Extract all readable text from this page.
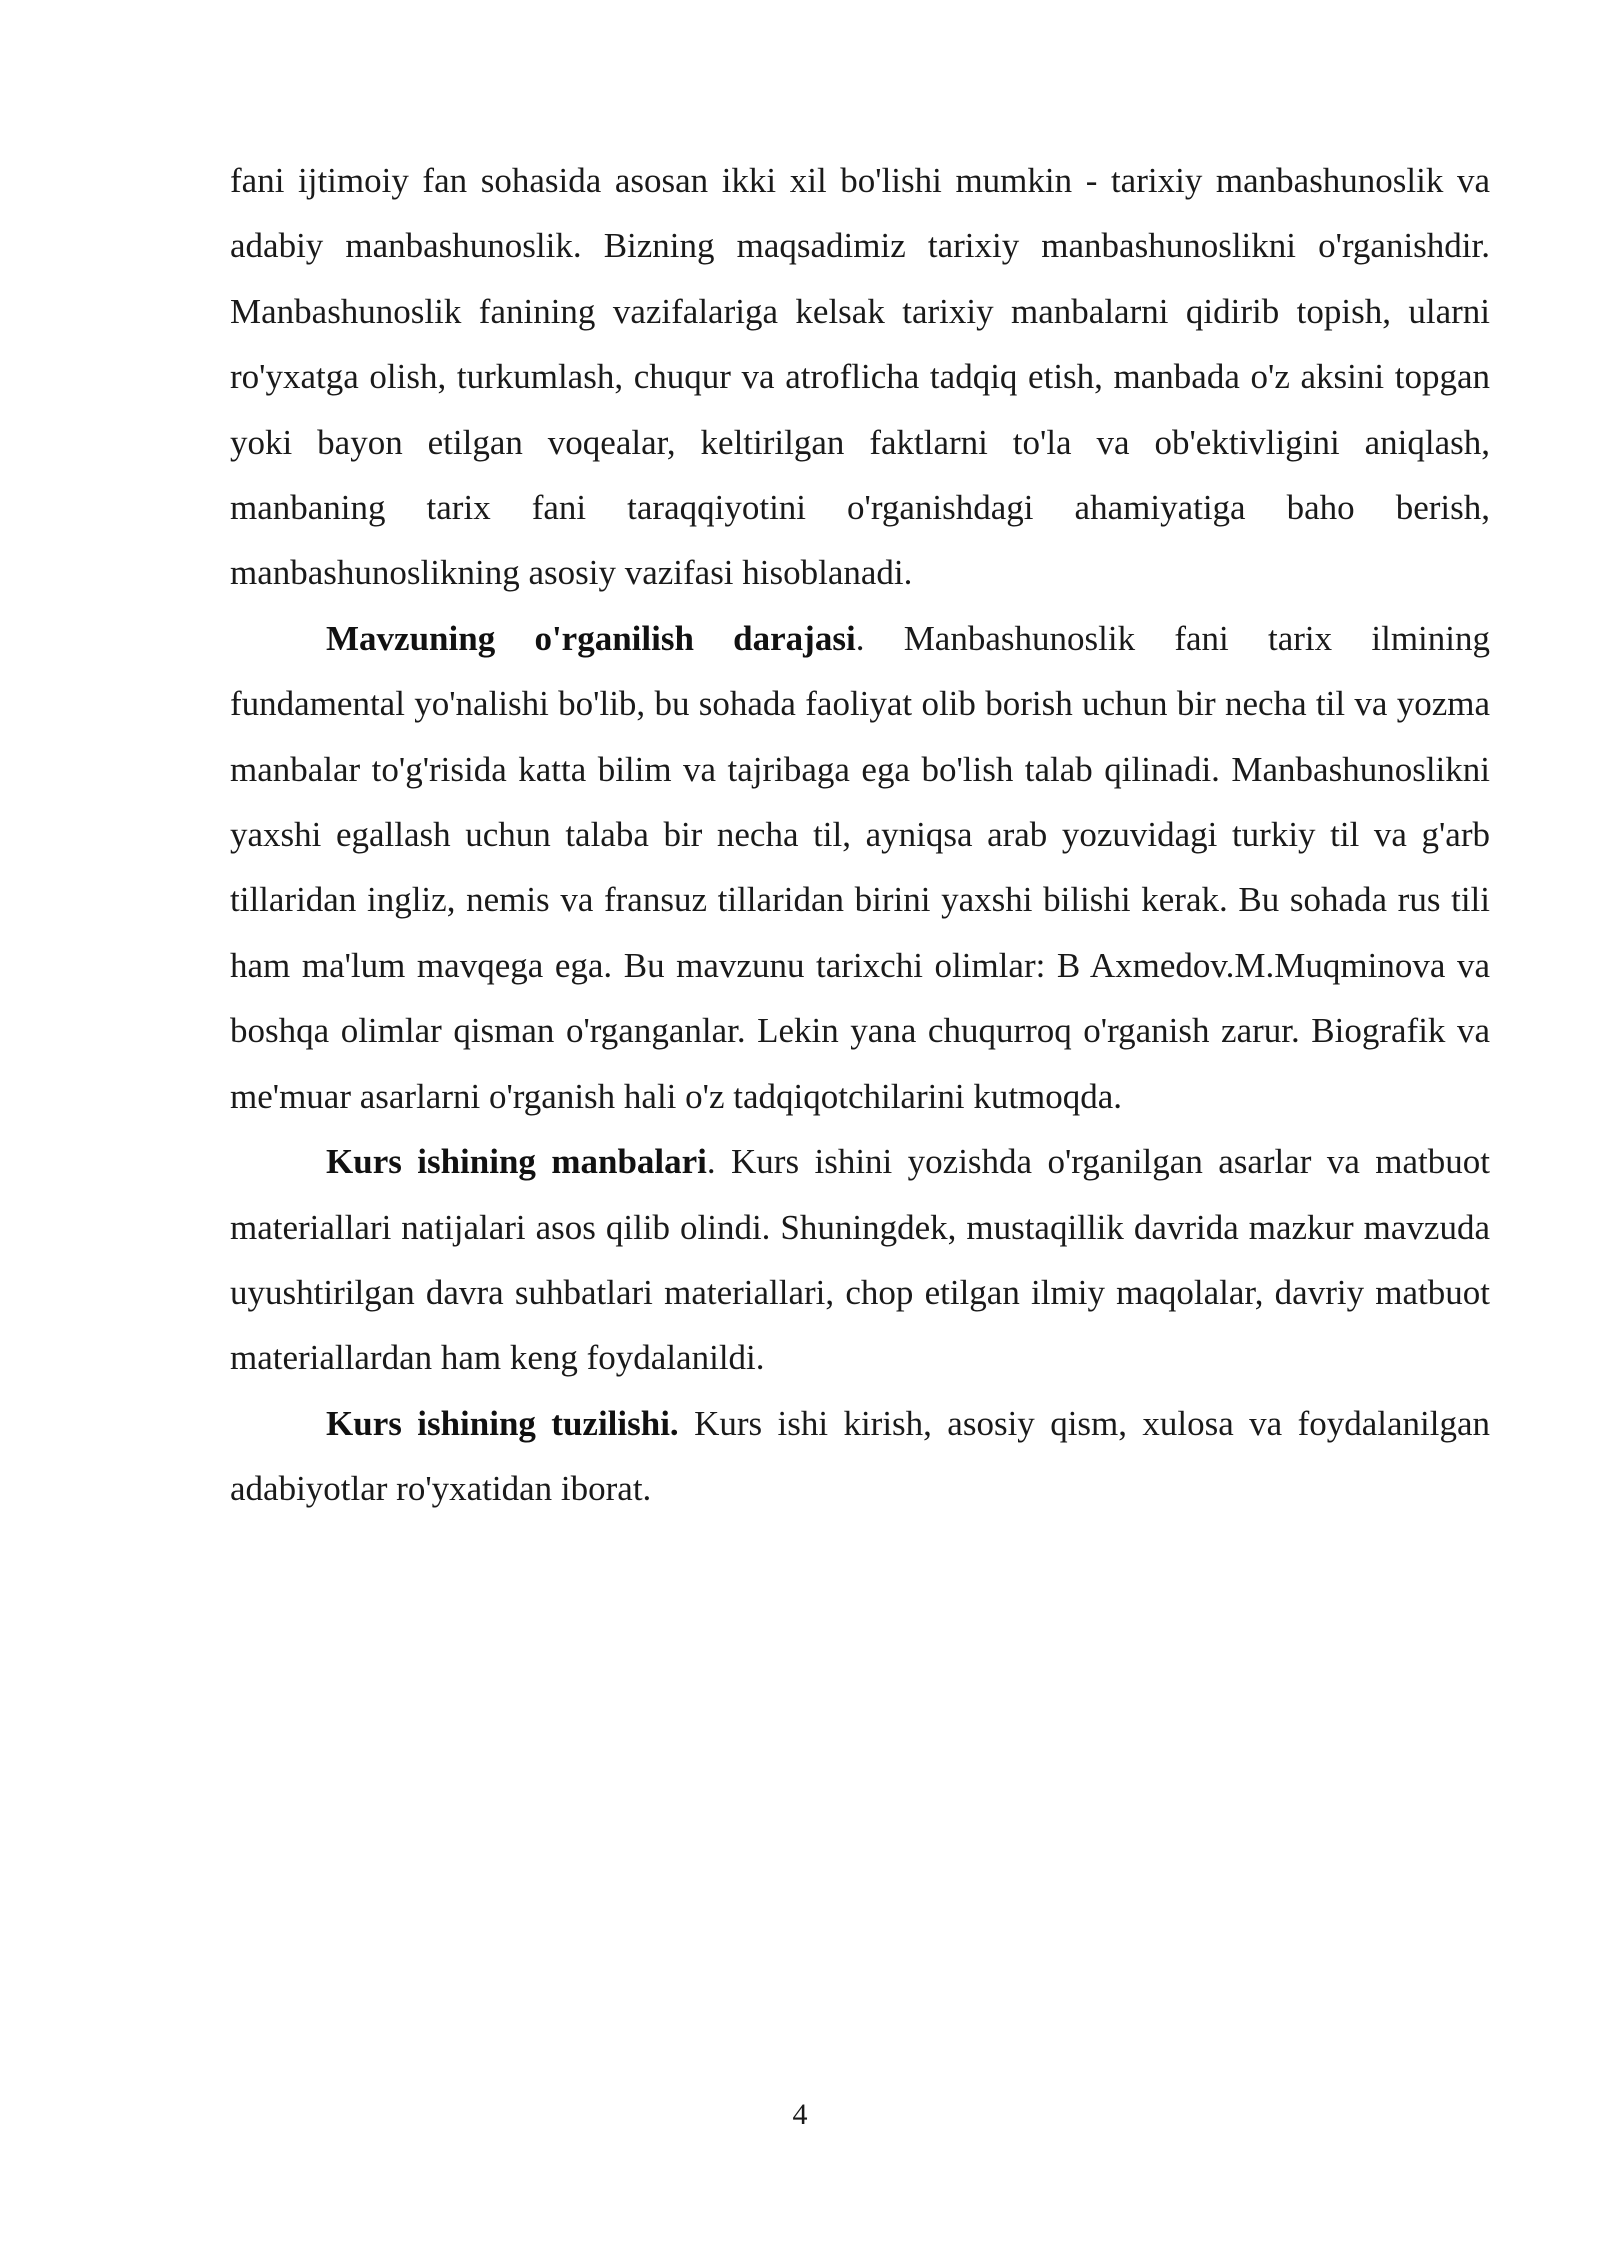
fani ijtimoiy fan sohasida asosan ikki xil bo'lishi mumkin - tarixiy manbashunoslik va adabiy manbashunoslik. Bizning maqsadimiz tarixiy manbashunoslikni o'rganishdir. Manbashunoslik fanining vazifalariga kelsak tarixiy manbalarni qidirib topish, ularni ro'yxatga olish, turkumlash, chuqur va atroflicha tadqiq etish, manbada o'z aksini topgan yoki bayon etilgan voqealar, keltirilgan faktlarni to'la va ob'ektivligini aniqlash, manbaning tarix fani taraqqiyotini o'rganishdagi ahamiyatiga baho berish, manbashunoslikning asosiy vazifasi hisoblanadi.

Mavzuning o'rganilish darajasi. Manbashunoslik fani tarix ilmining fundamental yo'nalishi bo'lib, bu sohada faoliyat olib borish uchun bir necha til va yozma manbalar to'g'risida katta bilim va tajribaga ega bo'lish talab qilinadi. Manbashunoslikni yaxshi egallash uchun talaba bir necha til, ayniqsa arab yozuvidagi turkiy til va g'arb tillaridan ingliz, nemis va fransuz tillaridan birini yaxshi bilishi kerak. Bu sohada rus tili ham ma'lum mavqega ega. Bu mavzunu tarixchi olimlar: B Axmedov.M.Muqminova va boshqa olimlar qisman o'rganganlar. Lekin yana chuqurroq o'rganish zarur. Biografik va me'muar asarlarni o'rganish hali o'z tadqiqotchilarini kutmoqda.

Kurs ishining manbalari. Kurs ishini yozishda o'rganilgan asarlar va matbuot materiallari natijalari asos qilib olindi. Shuningdek, mustaqillik davrida mazkur mavzuda uyushtirilgan davra suhbatlari materiallari, chop etilgan ilmiy maqolalar, davriy matbuot materiallardan ham keng foydalanildi.

Kurs ishining tuzilishi. Kurs ishi kirish, asosiy qism, xulosa va foydalanilgan adabiyotlar ro'yxatidan iborat.

4
